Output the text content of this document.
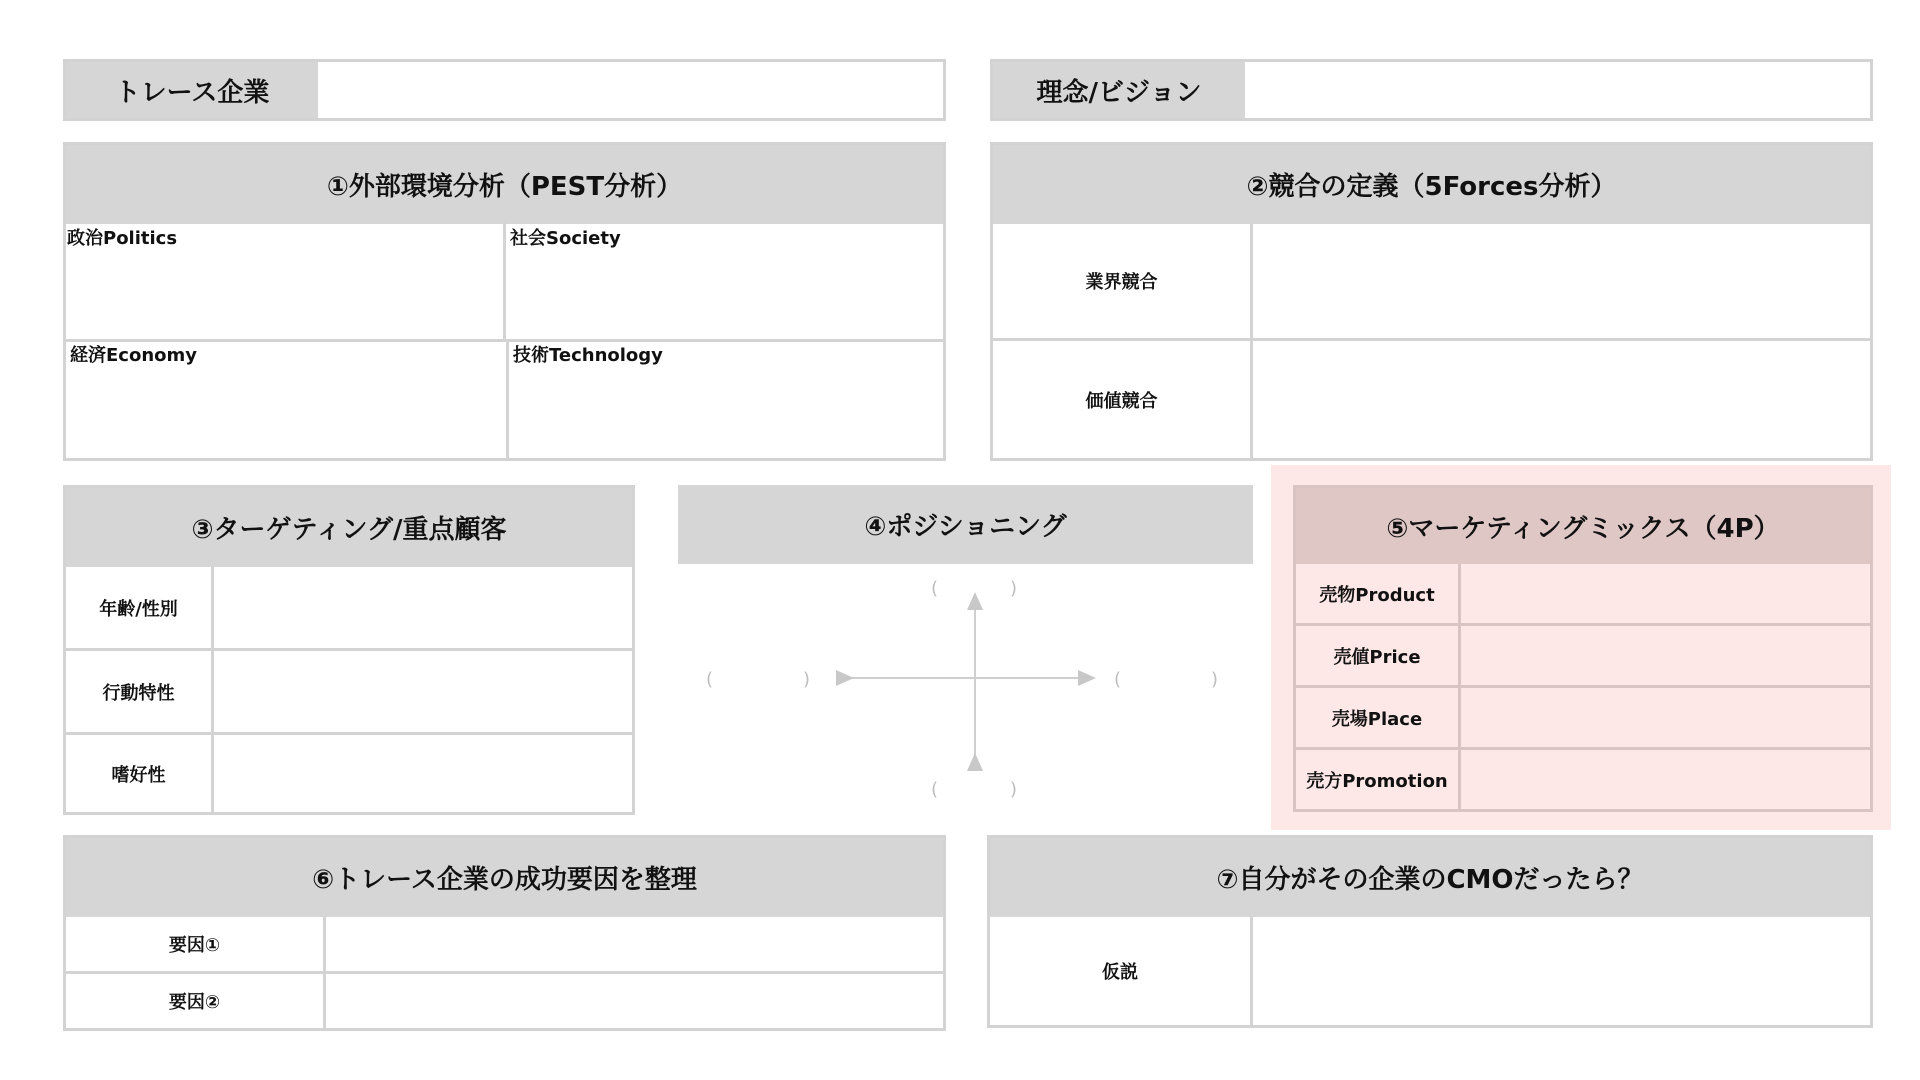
トレース企業	理念/ビジョン
①外部環境分析（PEST分析）
政治Politics	社会Society
経済Economy	技術Technology
②競合の定義（5Forces分析）
業界競合
価値競合
③ターゲティング/重点顧客
年齢/性別
行動特性
嗜好性
④ポジショニング
(　　　　)
(　　　　)
(　　　　　)	(　　　　　)
⑤マーケティングミックス（4P）
売物Product
売値Price
売場Place
売方Promotion
⑥トレース企業の成功要因を整理
要因①
要因②
⑦自分がその企業のCMOだったら？
仮説
